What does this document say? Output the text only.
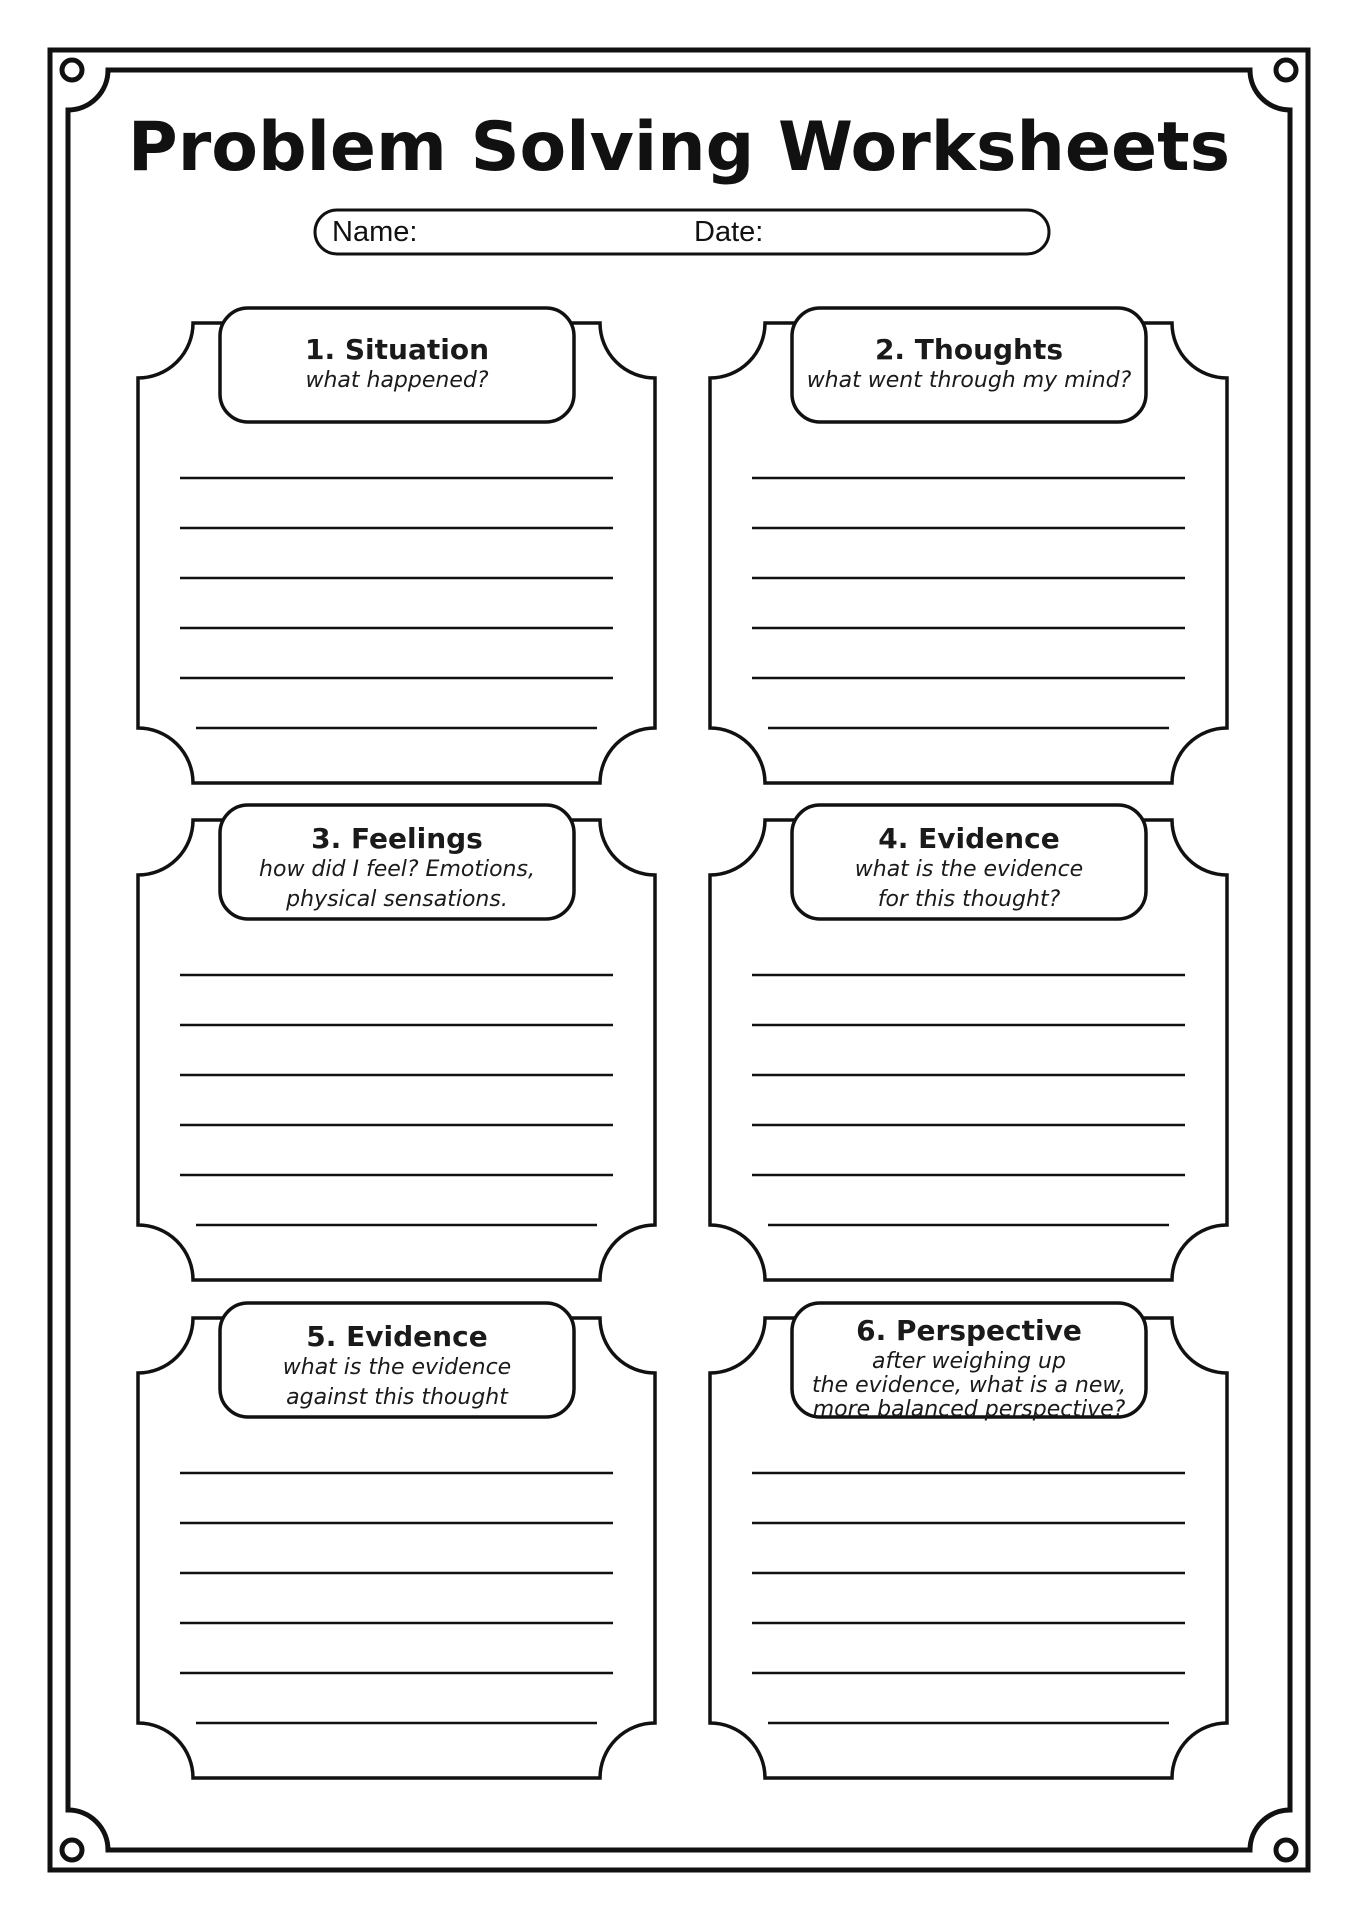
Problem Solving Worksheets
Name:	Date:
1. Situation
what happened?
2. Thoughts
what went through my mind?
3. Feelings
how did I feel? Emotions,
physical sensations.
4. Evidence
what is the evidence
for this thought?
5. Evidence
what is the evidence
against this thought
6. Perspective
after weighing up
the evidence, what is a new,
more balanced perspective?
